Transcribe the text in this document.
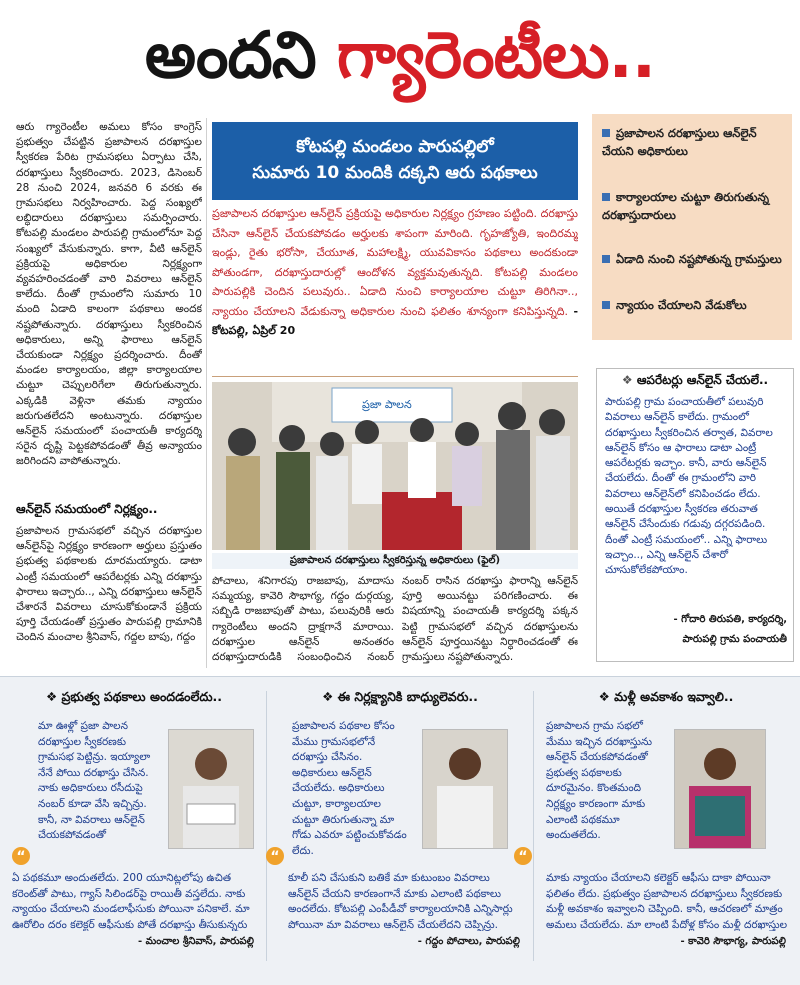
అందని గ్యారెంటీలు..
ఆరు గ్యారెంటీల అమలు కోసం కాంగ్రెస్ ప్రభుత్వం చేపట్టిన ప్రజాపాలన దరఖాస్తుల స్వీకరణ పేరిట గ్రామసభలు ఏర్పాటు చేసి, దరఖాస్తులు స్వీకరించారు. 2023, డిసెంబర్ 28 నుంచి 2024, జనవరి 6 వరకు ఈ గ్రామసభలు నిర్వహించారు. పెద్ద సంఖ్యలో లబ్ధిదారులు దరఖాస్తులు సమర్పించారు. కోటపల్లి మండలం పారుపల్లి గ్రామంలోనూ పెద్ద సంఖ్యలో వేసుకున్నారు. కాగా, వీటి ఆన్‌లైన్ ప్రక్రియపై అధికారుల నిర్లక్ష్యంగా వ్యవహరించడంతో వారి వివరాలు ఆన్‌లైన్ కాలేదు. దీంతో గ్రామంలోని సుమారు 10 మంది ఏడాది కాలంగా పథకాలు అందక నష్టపోతున్నారు. దరఖాస్తులు స్వీకరించిన అధికారులు, అన్ని ఫారాలు ఆన్‌లైన్ చేయకుండా నిర్లక్ష్యం ప్రదర్శించారు. దీంతో మండల కార్యాలయం, జిల్లా కార్యాలయాల చుట్టూ చెప్పులరిగేలా తిరుగుతున్నారు. ఎక్కడికి వెళ్లినా తమకు న్యాయం జరుగుతలేదని అంటున్నారు. దరఖాస్తుల ఆన్‌లైన్ సమయంలో పంచాయతీ కార్యదర్శి సరైన దృష్టి పెట్టకపోవడంతో తీవ్ర అన్యాయం జరిగిందని వాపోతున్నారు.
ఆన్‌లైన్ సమయంలో నిర్లక్ష్యం..
ప్రజాపాలన గ్రామసభలో వచ్చిన దరఖాస్తుల ఆన్‌లైన్‌పై నిర్లక్ష్యం కారణంగా అర్హులు ప్రస్తుతం ప్రభుత్వ పథకాలకు దూరమయ్యారు. డాటా ఎంట్రీ సమయంలో ఆపరేటర్లకు ఎన్ని దరఖాస్తు ఫారాలు ఇచ్చారు.., ఎన్ని దరఖాస్తులు ఆన్‌లైన్ చేశారనే వివరాలు చూసుకోకుండానే ప్రక్రియ పూర్తి చేయడంతో ప్రస్తుతం పారుపల్లి గ్రామానికి చెందిన మంచాల శ్రీనివాస్, గద్దల బాపు, గద్దం
కోటపల్లి మండలం పారుపల్లిలో
సుమారు 10 మందికి దక్కని ఆరు పథకాలు
ప్రజాపాలన దరఖాస్తుల ఆన్‌లైన్ ప్రక్రియపై అధికారుల నిర్లక్ష్యం గ్రహణం పట్టింది. దరఖాస్తు చేసినా ఆన్‌లైన్ చేయకపోవడం అర్హులకు శాపంగా మారింది. గృహజ్యోతి, ఇందిరమ్మ ఇండ్లు, రైతు భరోసా, చేయూత, మహాలక్ష్మి, యువవికాసం పథకాలు అందకుండా పోతుండగా, దరఖాస్తుదారుల్లో ఆందోళన వ్యక్తమవుతున్నది. కోటపల్లి మండలం పారుపల్లికి చెందిన పలువురు.. ఏడాది నుంచి కార్యాలయాల చుట్టూ తిరిగినా.., న్యాయం చేయాలని వేడుకున్నా అధికారుల నుంచి ఫలితం శూన్యంగా కనిపిస్తున్నది. - కోటపల్లి, ఏప్రిల్ 20
ప్రజాపాలన దరఖాస్తులు ఆన్‌లైన్ చేయని అధికారులు
కార్యాలయాల చుట్టూ తిరుగుతున్న దరఖాస్తుదారులు
ఏడాది నుంచి నష్టపోతున్న గ్రామస్తులు
న్యాయం చేయాలని వేడుకోలు
ప్రజా పాలన
ప్రజాపాలన దరఖాస్తులు స్వీకరిస్తున్న అధికారులు (ఫైల్)
పోచాలు, శనిగారపు రాజబాపు, మాదాసు సమ్మయ్య, కావెరి సౌభాగ్య, గద్దం దుర్గయ్య, సబ్బిడి రాజబాపుతో పాటు, పలువురికి ఆరు గ్యారెంటీలు అందని ద్రాక్షగానే మారాయి. దరఖాస్తుల ఆన్‌లైన్ అనంతరం దరఖాస్తుదారుడికి సంబంధించిన నంబర్
నంబర్ రాసిన దరఖాస్తు ఫారాన్ని ఆన్‌లైన్ పూర్తి అయినట్టు పరిగణించారు. ఈ విషయాన్ని పంచాయతీ కార్యదర్శి పక్కన పెట్టి గ్రామసభలో వచ్చిన దరఖాస్తులను ఆన్‌లైన్ పూర్తయినట్టు నిర్ధారించడంతో ఈ గ్రామస్తులు నష్టపోతున్నారు.
❖ ఆపరేటర్లు ఆన్‌లైన్ చేయలే..
పారుపల్లి గ్రామ పంచాయతీలో పలువురి వివరాలు ఆన్‌లైన్ కాలేదు. గ్రామంలో దరఖాస్తులు స్వీకరించిన తర్వాత, వివరాల ఆన్‌లైన్ కోసం ఆ ఫారాలు డాటా ఎంట్రీ ఆపరేటర్లకు ఇచ్చాం. కానీ, వారు ఆన్‌లైన్ చేయలేదు. దీంతో ఈ గ్రామంలోని వారి వివరాలు ఆన్‌లైన్‌లో కనిపించడం లేదు. అయితే దరఖాస్తుల స్వీకరణ తరువాత ఆన్‌లైన్ చేసేందుకు గడువు దగ్గరపడింది. దీంతో ఎంట్రీ సమయంలో.. ఎన్ని ఫారాలు ఇచ్చాం.., ఎన్ని ఆన్‌లైన్ చేశారో చూసుకోలేకపోయాం.
- గోదారి తిరుపతి, కార్యదర్శి,
పారుపల్లి గ్రామ పంచాయతీ
❖ ప్రభుత్వ పథకాలు అందడంలేదు..
మా ఊళ్లో ప్రజా పాలన దరఖాస్తుల స్వీకరణకు గ్రామసభ పెట్టిన్రు. ఇయ్యాలా నేనే పోయి దరఖాస్తు చేసిన. నాకు అధికారులు రసీదుపై నంబర్ కూడా వేసి ఇచ్చిన్రు. కానీ, నా వివరాలు ఆన్‌లైన్ చేయకపోవడంతో
“
ఏ పథకమూ అందుతలేదు. 200 యూనిట్లలోపు ఉచిత కరెంట్‌తో పాటు, గ్యాస్ సిలిండర్‌పై రాయితీ వస్తలేదు. నాకు న్యాయం చేయాలని మండలాఫీసుకు పోయినా పనికాలే. మా ఊరోలిం దరం కలెక్టర్ ఆఫీసుకు పోతే దరఖాస్తు తీసుకున్నరు
- మంచాల శ్రీనివాస్, పారుపల్లి
❖ ఈ నిర్లక్ష్యానికి బాధ్యులెవరు..
ప్రజాపాలన పథకాల కోసం మేము గ్రామసభలోనే దరఖాస్తు చేసినం. అధికారులు ఆన్‌లైన్ చేయలేదు. అధికారులు చుట్టూ, కార్యాలయాల చుట్టూ తిరుగుతున్నా మా గోడు ఎవరూ పట్టించుకోవడం లేదు.
“
కూలీ పని చేసుకుని బతికే మా కుటుంబం వివరాలు ఆన్‌లైన్ చేయని కారణంగానే మాకు ఎలాంటి పథకాలు అందలేదు. కోటపల్లి ఎంపీడీవో కార్యాలయానికి ఎన్నిసార్లు పోయినా మా వివరాలు ఆన్‌లైన్ చేయలేదని చెప్పిన్రు.
- గద్దం పోచాలు, పారుపల్లి
❖ మళ్లీ అవకాశం ఇవ్వాలి..
ప్రజాపాలన గ్రామ సభలో మేము ఇచ్చిన దరఖాస్తును ఆన్‌లైన్ చేయకపోవడంతో ప్రభుత్వ పథకాలకు దూరమైనం. కొంతమంది నిర్లక్ష్యం కారణంగా మాకు ఎలాంటి పథకమూ అందుతలేదు.
“
మాకు న్యాయం చేయాలని కలెక్టర్ ఆఫీసు దాకా పోయినా ఫలితం లేదు. ప్రభుత్వం ప్రజాపాలన దరఖాస్తులు స్వీకరణకు మళ్లీ అవకాశం ఇవ్వాలని చెప్పింది. కానీ, ఆచరణలో మాత్రం అమలు చేయలేదు. మా లాంటి పేదోళ్ల కోసం మళ్లీ దరఖాస్తుల
- కావెరి సౌభాగ్య, పారుపల్లి
